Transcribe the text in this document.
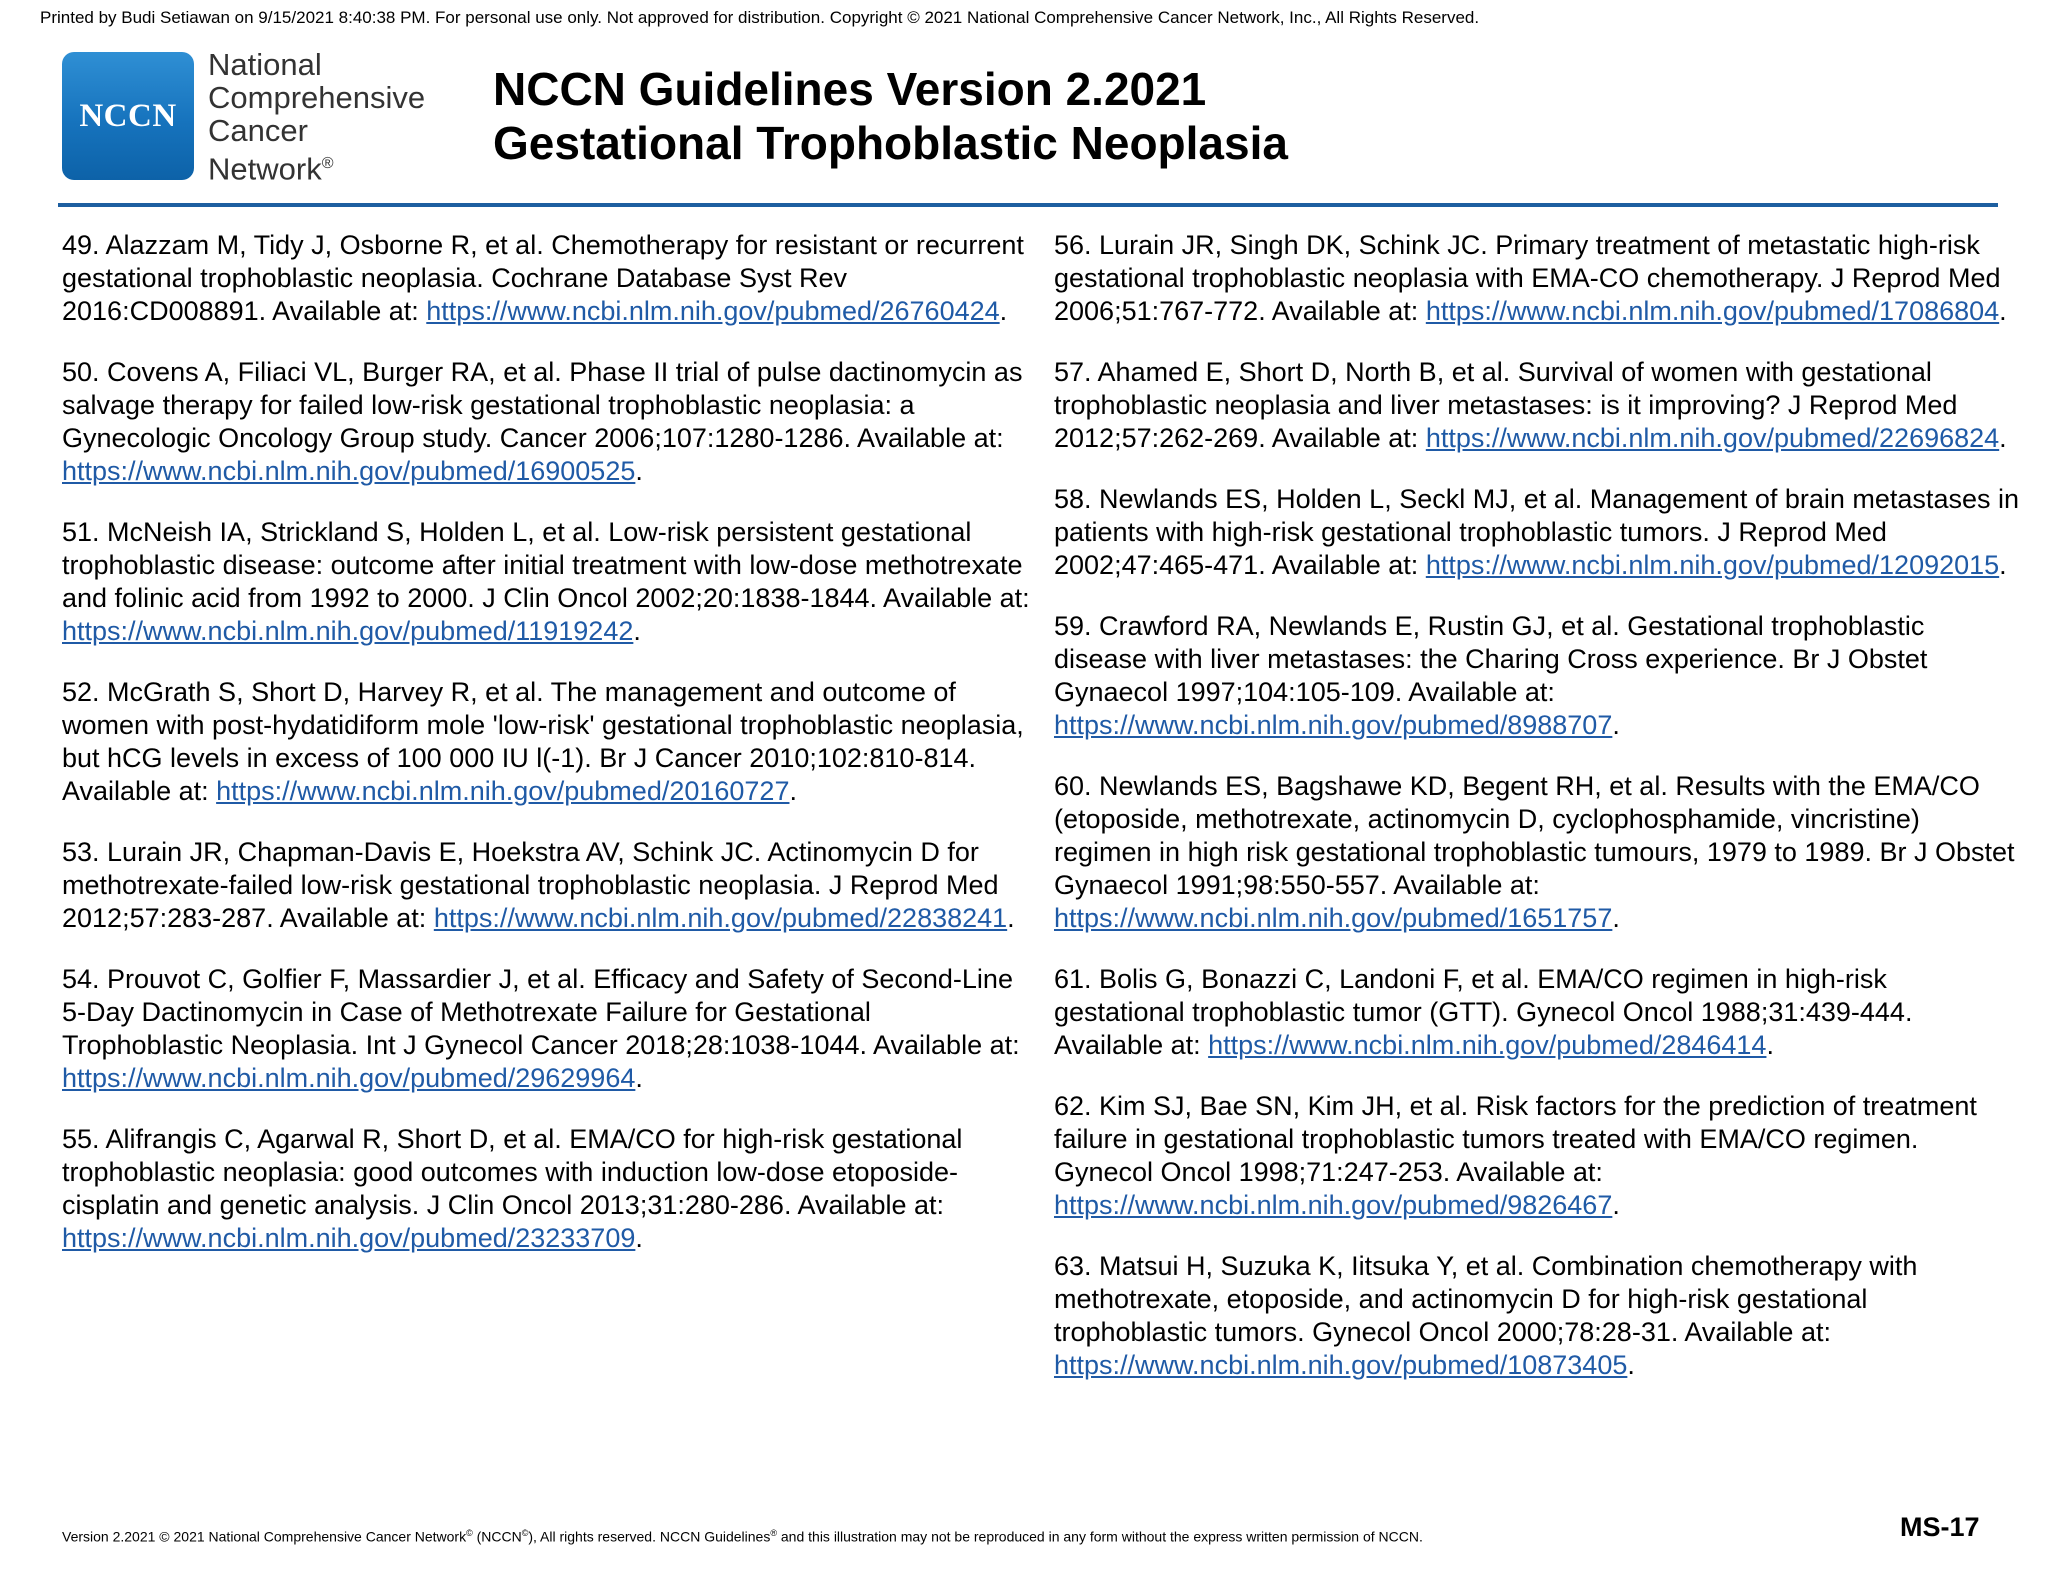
Printed by Budi Setiawan on 9/15/2021 8:40:38 PM. For personal use only. Not approved for distribution. Copyright © 2021 National Comprehensive Cancer Network, Inc., All Rights Reserved.
NCCN
National
Comprehensive
Cancer
Network®
NCCN Guidelines Version 2.2021
Gestational Trophoblastic Neoplasia

49. Alazzam M, Tidy J, Osborne R, et al. Chemotherapy for resistant or recurrent gestational trophoblastic neoplasia. Cochrane Database Syst Rev 2016:CD008891. Available at: https://www.ncbi.nlm.nih.gov/pubmed/26760424.

50. Covens A, Filiaci VL, Burger RA, et al. Phase II trial of pulse dactinomycin as salvage therapy for failed low-risk gestational trophoblastic neoplasia: a Gynecologic Oncology Group study. Cancer 2006;107:1280-1286. Available at: https://www.ncbi.nlm.nih.gov/pubmed/16900525.

51. McNeish IA, Strickland S, Holden L, et al. Low-risk persistent gestational trophoblastic disease: outcome after initial treatment with low-dose methotrexate and folinic acid from 1992 to 2000. J Clin Oncol 2002;20:1838-1844. Available at: https://www.ncbi.nlm.nih.gov/pubmed/11919242.

52. McGrath S, Short D, Harvey R, et al. The management and outcome of women with post-hydatidiform mole 'low-risk' gestational trophoblastic neoplasia, but hCG levels in excess of 100 000 IU l(-1). Br J Cancer 2010;102:810-814. Available at: https://www.ncbi.nlm.nih.gov/pubmed/20160727.

53. Lurain JR, Chapman-Davis E, Hoekstra AV, Schink JC. Actinomycin D for methotrexate-failed low-risk gestational trophoblastic neoplasia. J Reprod Med 2012;57:283-287. Available at: https://www.ncbi.nlm.nih.gov/pubmed/22838241.

54. Prouvot C, Golfier F, Massardier J, et al. Efficacy and Safety of Second-Line 5-Day Dactinomycin in Case of Methotrexate Failure for Gestational Trophoblastic Neoplasia. Int J Gynecol Cancer 2018;28:1038-1044. Available at: https://www.ncbi.nlm.nih.gov/pubmed/29629964.

55. Alifrangis C, Agarwal R, Short D, et al. EMA/CO for high-risk gestational trophoblastic neoplasia: good outcomes with induction low-dose etoposide-cisplatin and genetic analysis. J Clin Oncol 2013;31:280-286. Available at: https://www.ncbi.nlm.nih.gov/pubmed/23233709.

56. Lurain JR, Singh DK, Schink JC. Primary treatment of metastatic high-risk gestational trophoblastic neoplasia with EMA-CO chemotherapy. J Reprod Med 2006;51:767-772. Available at: https://www.ncbi.nlm.nih.gov/pubmed/17086804.

57. Ahamed E, Short D, North B, et al. Survival of women with gestational trophoblastic neoplasia and liver metastases: is it improving? J Reprod Med 2012;57:262-269. Available at: https://www.ncbi.nlm.nih.gov/pubmed/22696824.

58. Newlands ES, Holden L, Seckl MJ, et al. Management of brain metastases in patients with high-risk gestational trophoblastic tumors. J Reprod Med 2002;47:465-471. Available at: https://www.ncbi.nlm.nih.gov/pubmed/12092015.

59. Crawford RA, Newlands E, Rustin GJ, et al. Gestational trophoblastic disease with liver metastases: the Charing Cross experience. Br J Obstet Gynaecol 1997;104:105-109. Available at: https://www.ncbi.nlm.nih.gov/pubmed/8988707.

60. Newlands ES, Bagshawe KD, Begent RH, et al. Results with the EMA/CO (etoposide, methotrexate, actinomycin D, cyclophosphamide, vincristine) regimen in high risk gestational trophoblastic tumours, 1979 to 1989. Br J Obstet Gynaecol 1991;98:550-557. Available at: https://www.ncbi.nlm.nih.gov/pubmed/1651757.

61. Bolis G, Bonazzi C, Landoni F, et al. EMA/CO regimen in high-risk gestational trophoblastic tumor (GTT). Gynecol Oncol 1988;31:439-444. Available at: https://www.ncbi.nlm.nih.gov/pubmed/2846414.

62. Kim SJ, Bae SN, Kim JH, et al. Risk factors for the prediction of treatment failure in gestational trophoblastic tumors treated with EMA/CO regimen. Gynecol Oncol 1998;71:247-253. Available at: https://www.ncbi.nlm.nih.gov/pubmed/9826467.

63. Matsui H, Suzuka K, Iitsuka Y, et al. Combination chemotherapy with methotrexate, etoposide, and actinomycin D for high-risk gestational trophoblastic tumors. Gynecol Oncol 2000;78:28-31. Available at: https://www.ncbi.nlm.nih.gov/pubmed/10873405.

MS-17
Version 2.2021 © 2021 National Comprehensive Cancer Network© (NCCN©), All rights reserved. NCCN Guidelines® and this illustration may not be reproduced in any form without the express written permission of NCCN.
